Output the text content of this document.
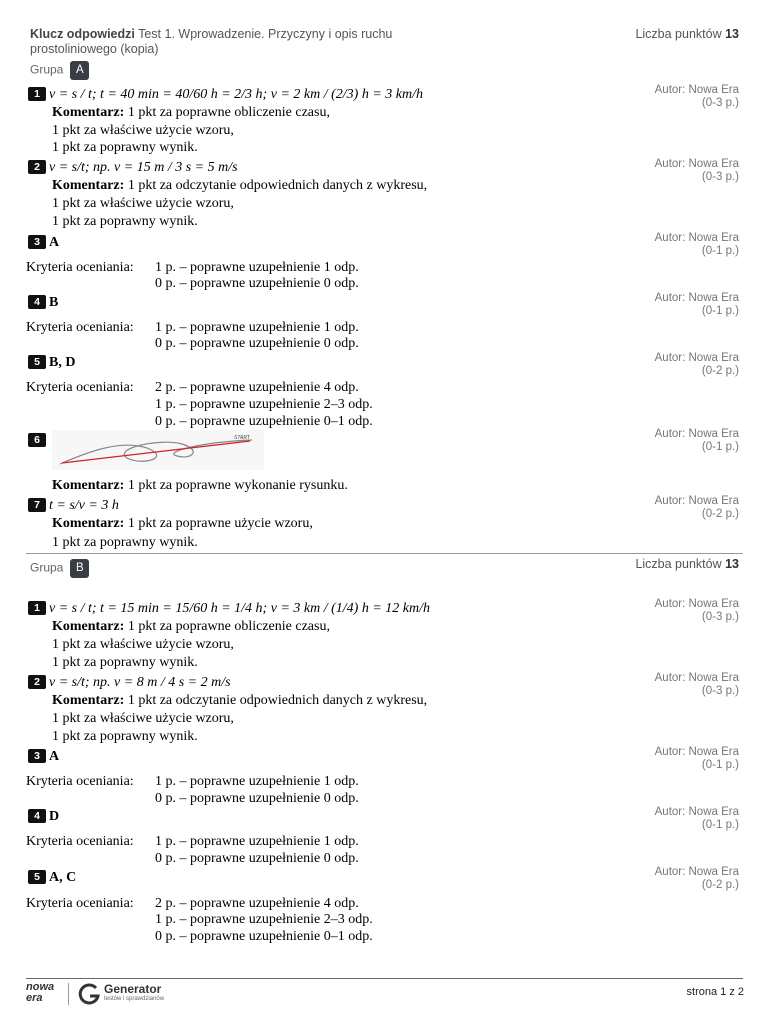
Klucz odpowiedzi Test 1. Wprowadzenie. Przyczyny i opis ruchu prostoliniowego (kopia)
Liczba punktów 13
Grupa A
1 v = s / t; t = 40 min = 40/60 h = 2/3 h; v = 2 km / (2/3) h = 3 km/h
Komentarz: 1 pkt za poprawne obliczenie czasu,
1 pkt za właściwe użycie wzoru,
1 pkt za poprawny wynik.
Autor: Nowa Era
(0-3 p.)
2 v = s/t; np. v = 15 m / 3 s = 5 m/s
Komentarz: 1 pkt za odczytanie odpowiednich danych z wykresu,
1 pkt za właściwe użycie wzoru,
1 pkt za poprawny wynik.
Autor: Nowa Era
(0-3 p.)
3 A
Kryteria oceniania: 1 p. – poprawne uzupełnienie 1 odp.
0 p. – poprawne uzupełnienie 0 odp.
Autor: Nowa Era
(0-1 p.)
4 B
Kryteria oceniania: 1 p. – poprawne uzupełnienie 1 odp.
0 p. – poprawne uzupełnienie 0 odp.
Autor: Nowa Era
(0-1 p.)
5 B, D
Kryteria oceniania: 2 p. – poprawne uzupełnienie 4 odp.
1 p. – poprawne uzupełnienie 2–3 odp.
0 p. – poprawne uzupełnienie 0–1 odp.
Autor: Nowa Era
(0-2 p.)
6	START
Komentarz: 1 pkt za poprawne wykonanie rysunku.
Autor: Nowa Era
(0-1 p.)
7 t = s/v = 3 h
Komentarz: 1 pkt za poprawne użycie wzoru,
1 pkt za poprawny wynik.
Autor: Nowa Era
(0-2 p.)
Grupa B	Liczba punktów 13
1 v = s / t; t = 15 min = 15/60 h = 1/4 h; v = 3 km / (1/4) h = 12 km/h
Komentarz: 1 pkt za poprawne obliczenie czasu,
1 pkt za właściwe użycie wzoru,
1 pkt za poprawny wynik.
Autor: Nowa Era
(0-3 p.)
2 v = s/t; np. v = 8 m / 4 s = 2 m/s
Komentarz: 1 pkt za odczytanie odpowiednich danych z wykresu,
1 pkt za właściwe użycie wzoru,
1 pkt za poprawny wynik.
Autor: Nowa Era
(0-3 p.)
3 A
Kryteria oceniania: 1 p. – poprawne uzupełnienie 1 odp.
0 p. – poprawne uzupełnienie 0 odp.
Autor: Nowa Era
(0-1 p.)
4 D
Kryteria oceniania: 1 p. – poprawne uzupełnienie 1 odp.
0 p. – poprawne uzupełnienie 0 odp.
Autor: Nowa Era
(0-1 p.)
5 A, C
Kryteria oceniania: 2 p. – poprawne uzupełnienie 4 odp.
1 p. – poprawne uzupełnienie 2–3 odp.
0 p. – poprawne uzupełnienie 0–1 odp.
Autor: Nowa Era
(0-2 p.)
nowa era
Generator
testów i sprawdzianów
strona 1 z 2
